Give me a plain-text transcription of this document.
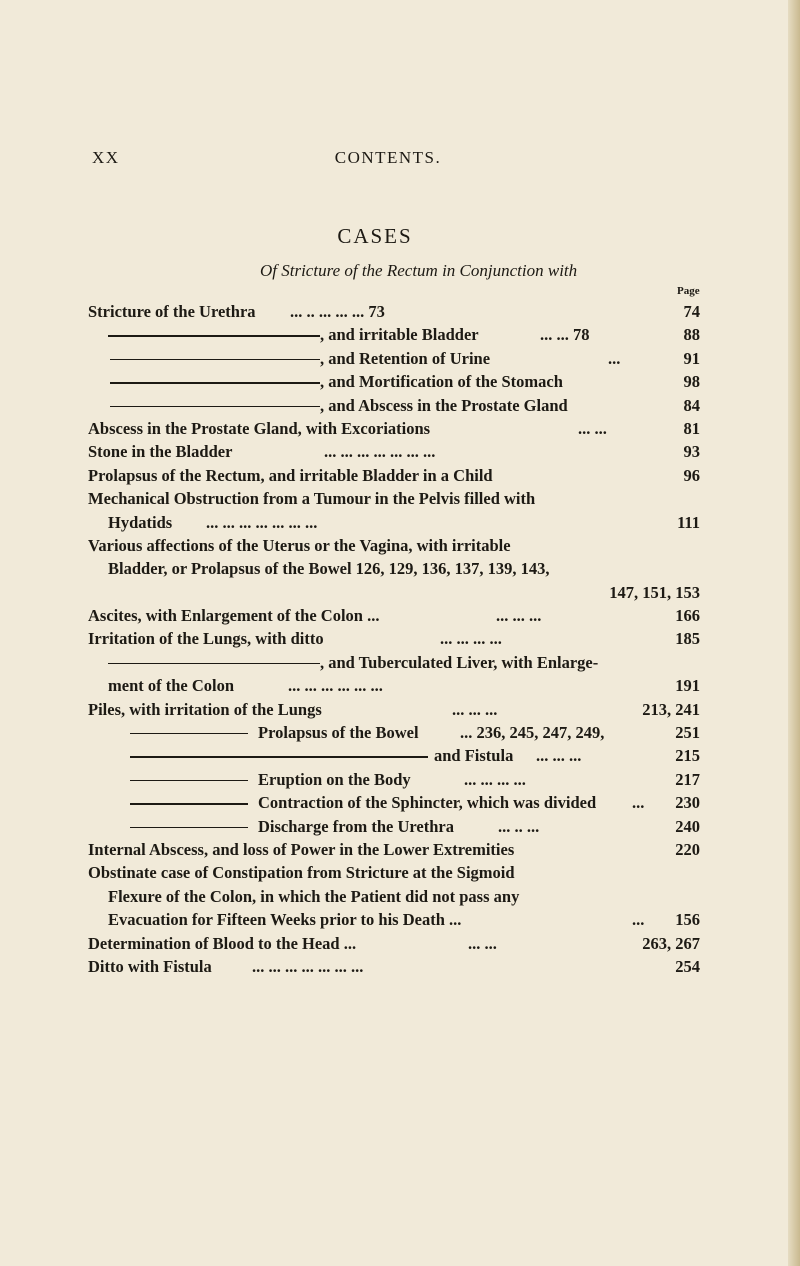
XX	CONTENTS.
CASES
Of Stricture of the Rectum in Conjunction with
Page
Stricture of the Urethra ... .. ... ... ... 73	74
, and irritable Bladder	... ... 78	88
, and Retention of Urine	...	91
, and Mortification of the Stomach	98
, and Abscess in the Prostate Gland	84
Abscess in the Prostate Gland, with Excoriations	... ...	81
Stone in the Bladder	... ... ... ... ... ... ...	93
Prolapsus of the Rectum, and irritable Bladder in a Child	96
Mechanical Obstruction from a Tumour in the Pelvis filled with
Hydatids ... ... ... ... ... ... ...	111
Various affections of the Uterus or the Vagina, with irritable
Bladder, or Prolapsus of the Bowel 126, 129, 136, 137, 139, 143,
147, 151, 153
Ascites, with Enlargement of the Colon ...	... ... ...	166
Irritation of the Lungs, with ditto	... ... ... ...	185
, and Tuberculated Liver, with Enlarge-
ment of the Colon	... ... ... ... ... ...	191
Piles, with irritation of the Lungs	... ... ...	213, 241
Prolapsus of the Bowel	... 236, 245, 247, 249,	251
and Fistula ... ... ...	215
Eruption on the Body	... ... ... ...	217
Contraction of the Sphincter, which was divided ... 230
Discharge from the Urethra	... .. ...	240
Internal Abscess, and loss of Power in the Lower Extremities	220
Obstinate case of Constipation from Stricture at the Sigmoid
Flexure of the Colon, in which the Patient did not pass any
Evacuation for Fifteen Weeks prior to his Death ...	... 156
Determination of Blood to the Head ...	... ...	263, 267
Ditto with Fistula ... ... ... ... ... ... ...	254
